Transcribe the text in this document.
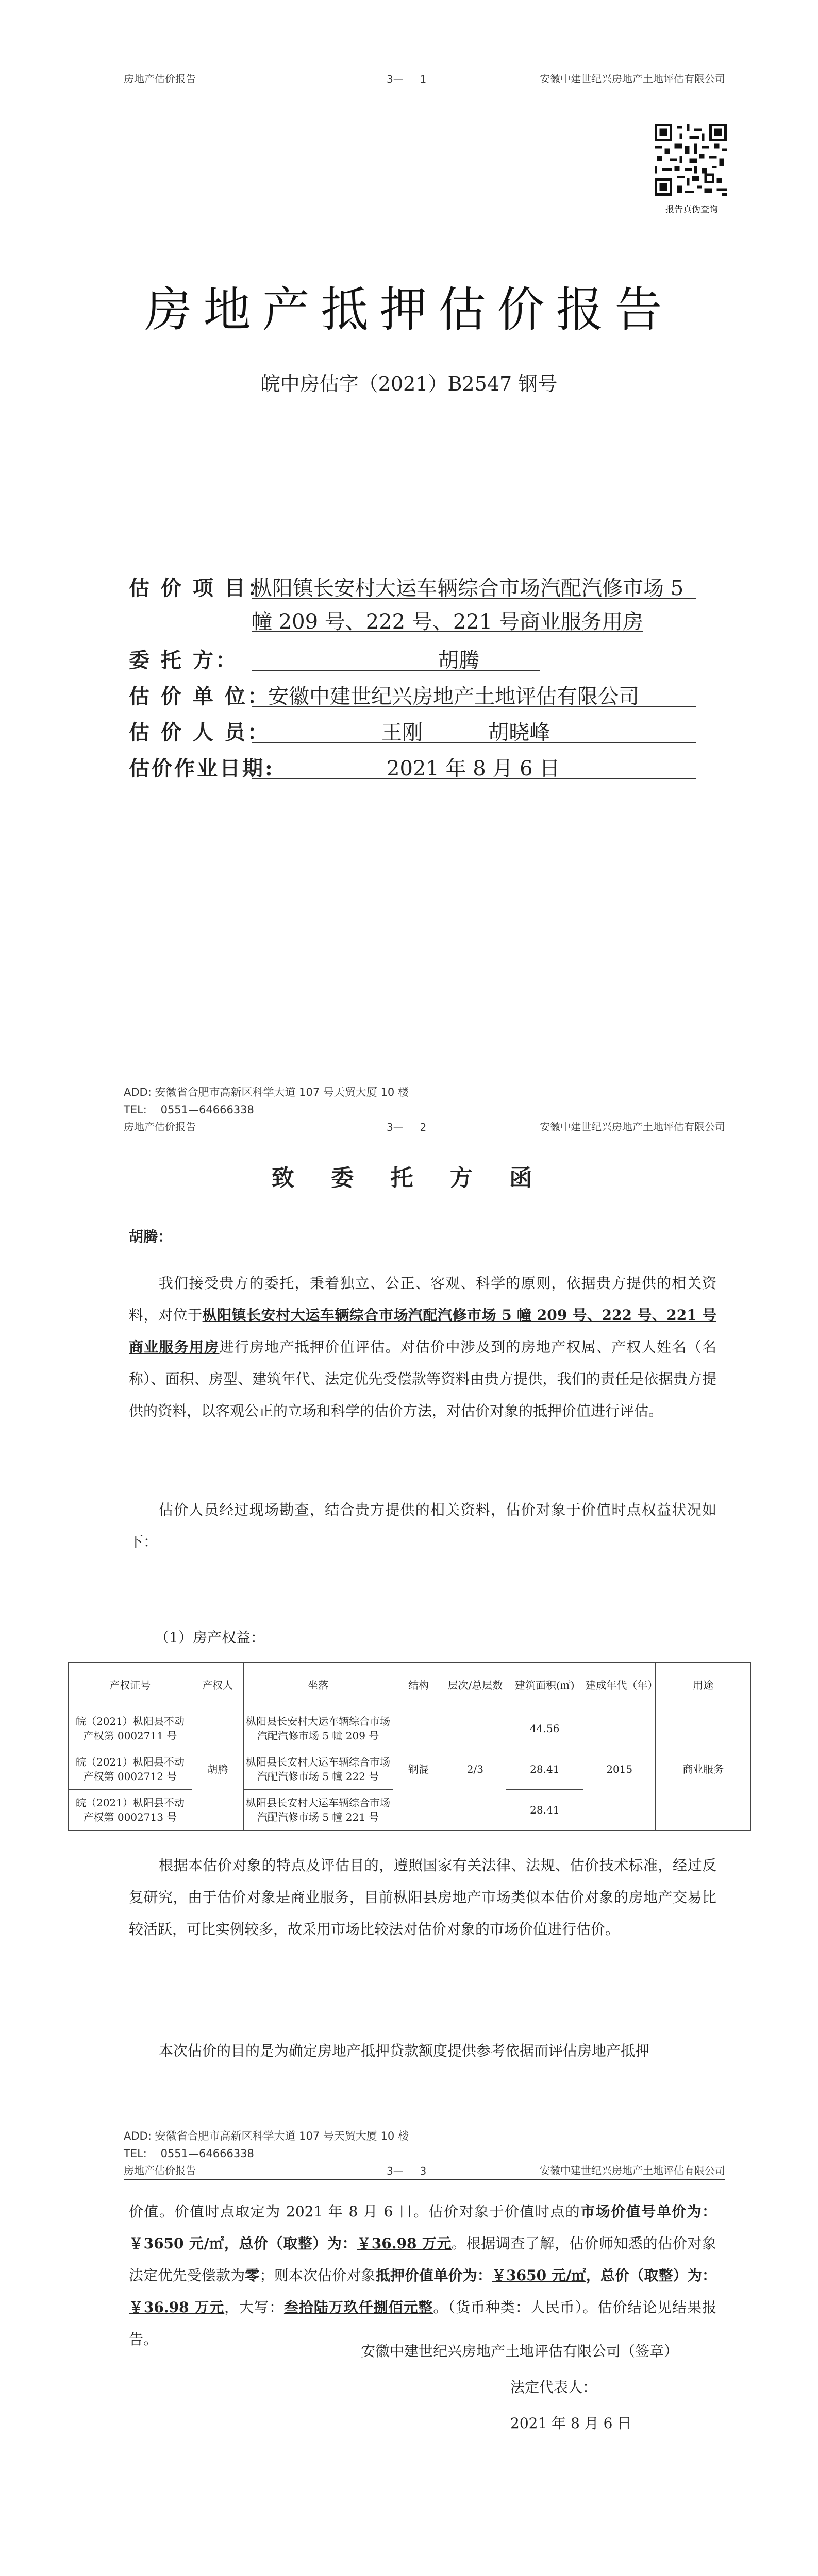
房地产估价报告	3—     1	安徽中建世纪兴房地产土地评估有限公司
报告真伪查询
房地产抵押估价报告
皖中房估字（2021）B2547 钢号
估 价 项 目：
枞阳镇长安村大运车辆综合市场汽配汽修市场 5
幢 209 号、222 号、221 号商业服务用房
委 托 方：	胡腾
估 价 单 位：
安徽中建世纪兴房地产土地评估有限公司
估 价 人 员：	王刚          胡晓峰
估价作业日期:	2021 年 8 月 6 日
ADD: 安徽省合肥市高新区科学大道 107 号天贸大厦 10 楼
TEL:    0551—64666338
房地产估价报告	3—     2	安徽中建世纪兴房地产土地评估有限公司
致 委 托 方 函
胡腾：
我们接受贵方的委托，秉着独立、公正、客观、科学的原则，依据贵方提供的相关资料，对位于枞阳镇长安村大运车辆综合市场汽配汽修市场 5 幢 209 号、222 号、221 号商业服务用房进行房地产抵押价值评估。对估价中涉及到的房地产权属、产权人姓名（名称）、面积、房型、建筑年代、法定优先受偿款等资料由贵方提供，我们的责任是依据贵方提供的资料，以客观公正的立场和科学的估价方法，对估价对象的抵押价值进行评估。
估价人员经过现场勘查，结合贵方提供的相关资料，估价对象于价值时点权益状况如下：
（1）房产权益：
产权证号	产权人	坐落	结构	层次/总层数	建筑面积(㎡)	建成年代（年）	用途
皖（2021）枞阳县不动产权第 0002711 号	胡腾	枞阳县长安村大运车辆综合市场汽配汽修市场 5 幢 209 号	钢混	2/3	44.56	2015	商业服务
皖（2021）枞阳县不动产权第 0002712 号		枞阳县长安村大运车辆综合市场汽配汽修市场 5 幢 222 号			28.41		
皖（2021）枞阳县不动产权第 0002713 号		枞阳县长安村大运车辆综合市场汽配汽修市场 5 幢 221 号			28.41		
根据本估价对象的特点及评估目的，遵照国家有关法律、法规、估价技术标准，经过反复研究，由于估价对象是商业服务，目前枞阳县房地产市场类似本估价对象的房地产交易比较活跃，可比实例较多，故采用市场比较法对估价对象的市场价值进行估价。
本次估价的目的是为确定房地产抵押贷款额度提供参考依据而评估房地产抵押
ADD: 安徽省合肥市高新区科学大道 107 号天贸大厦 10 楼
TEL:    0551—64666338
房地产估价报告	3—     3	安徽中建世纪兴房地产土地评估有限公司
价值。价值时点取定为 2021 年 8 月 6 日。估价对象于价值时点的市场价值号单价为：￥3650 元/㎡，总价（取整）为：￥36.98 万元。根据调查了解，估价师知悉的估价对象法定优先受偿款为零；则本次估价对象抵押价值单价为：￥3650 元/㎡，总价（取整）为：￥36.98 万元，大写：叁拾陆万玖仟捌佰元整。（货币种类：人民币）。估价结论见结果报告。
安徽中建世纪兴房地产土地评估有限公司（签章）
法定代表人：
2021 年 8 月 6 日
